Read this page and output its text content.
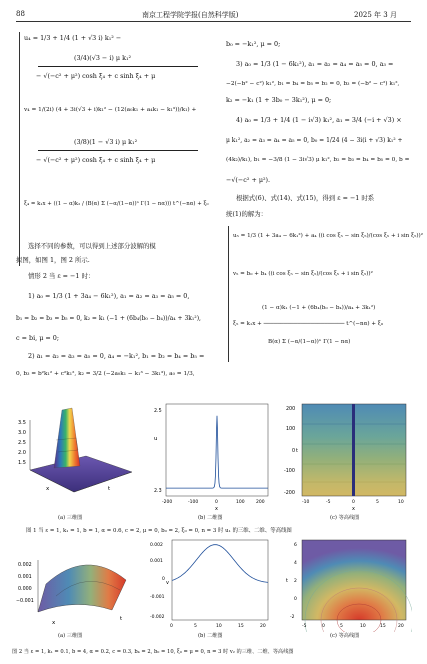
88	南京工程学院学报(自然科学版)	2025 年 3 月
u₄ = 1/3 + 1/4 (1 + √3 i) k₁² −
(3/4)(√3 − i) μ k₁²
− √(−c² + μ²) cosh ξ₄ + c sinh ξ₄ + μ
v₄ = 1/(2i) (4 + 3i(√3 + i)k₁² − (12(a₀k₁ + a₄k₁ − k₁³))/k₁) +
(3/8)(1 − √3 i) μ k₁²
− √(−c² + μ²) cosh ξ₄ + c sinh ξ₄ + μ
ξ₄ = k₁x + ((1 − α)k₂ / (B(α) Σ (−α/(1−α))ⁿ Γ(1 − nα))) t^(−nα) + ξ₀
选择不同的参数，可以得到上述部分波解的模
拟图，如图 1，图 2 所示.
情形 2 当 ε = −1 时：
1) a₀ = 1/3 (1 + 3a₄ − 6k₁²), a₁ = a₂ = a₃ = a₅ = 0,
b₁ = b₂ = b₃ = b₅ = 0, k₂ = k₁ (−1 + (6b₄(b₀ − b₄))/a₄ + 3k₁²),
c = bi, μ = 0;
2) a₁ = a₂ = a₃ = a₅ = 0, a₄ = −k₁², b₁ = b₂ = b₄ = b₅ =
0, b₃ = b²k₁² + c²k₁², k₂ = 3/2 (−2a₀k₁ − k₁³ − 3k₁³), a₀ = 1/3,
b₀ = −k₁², μ = 0;
3) a₀ = 1/3 (1 − 6k₁²), a₁ = a₂ = a₄ = a₅ = 0, a₃ =
−2(−b² − c²) k₁², b₁ = b₄ = b₅ = b₂ = 0, b₃ = (−b² − c²) k₁²,
k₂ = −k₁ (1 + 3b₀ − 3k₁²), μ = 0;
4) a₀ = 1/3 + 1/4 (1 − i√3) k₁², a₁ = 3/4 (−i + √3) ×
μ k₁², a₂ = a₃ = a₄ = a₅ = 0, b₀ = 1/24 (4 − 3i(i + √3) k₁² +
(4k₂)/k₁), b₁ = −3/8 (1 − 3i√3) μ k₁², b₂ = b₃ = b₄ = b₅ = 0, b =
−√(−c² + μ²).
根据式(6)、式(14)、式(15)，得到 ε = −1 时系
统(1)的解为：
u₅ = 1/3 (1 + 3a₄ − 6k₁²) + a₄ ((i cos ξ₅ − sin ξ₅)/(cos ξ₅ + i sin ξ₅))²
v₅ = b₀ + b₄ ((i cos ξ₅ − sin ξ₅)/(cos ξ₅ + i sin ξ₅))²
(1 − α)k₁ (−1 + (6b₄(b₀ − b₄))/a₄ + 3k₁²)
ξ₅ = k₁x + ──────────────────────── t^(−nα) + ξ₀
B(α) Σ (−α/(1−α))ⁿ Γ(1 − nα)
3.5
3.0
2.5
2.0
1.5
x	t
(a) 三维图
u
2.5
2.3
-200	-100	0	100	200
x
(b) 二维图
200
100
0
-100
-200
-10	-5	0	5	10
t
x
(c) 等高线图
图 1 当 ε = 1, k₁ = 1, b = 1, α = 0.6, c = 2, μ = 0, b₀ = 2, ξ₀ = 0, n = 3 时 u₁ 的三维、二维、等高线图
0.002
0.001
0.000
−0.001
x
t
(a) 三维图
0.002
0.001
0
-0.001
-0.002
v
0	5	10	15	20
(b) 二维图
6
4
2
0
-2
-5	0	5	10	15	20
t
(c) 等高线图
图 2 当 ε = 1, k₁ = 0.1, b = 4, α = 0.2, c = 0.3, b₄ = 2, b₀ = 10, ξ₀ = μ = 0, n = 3 时 v₂ 的三维、二维、等高线图
